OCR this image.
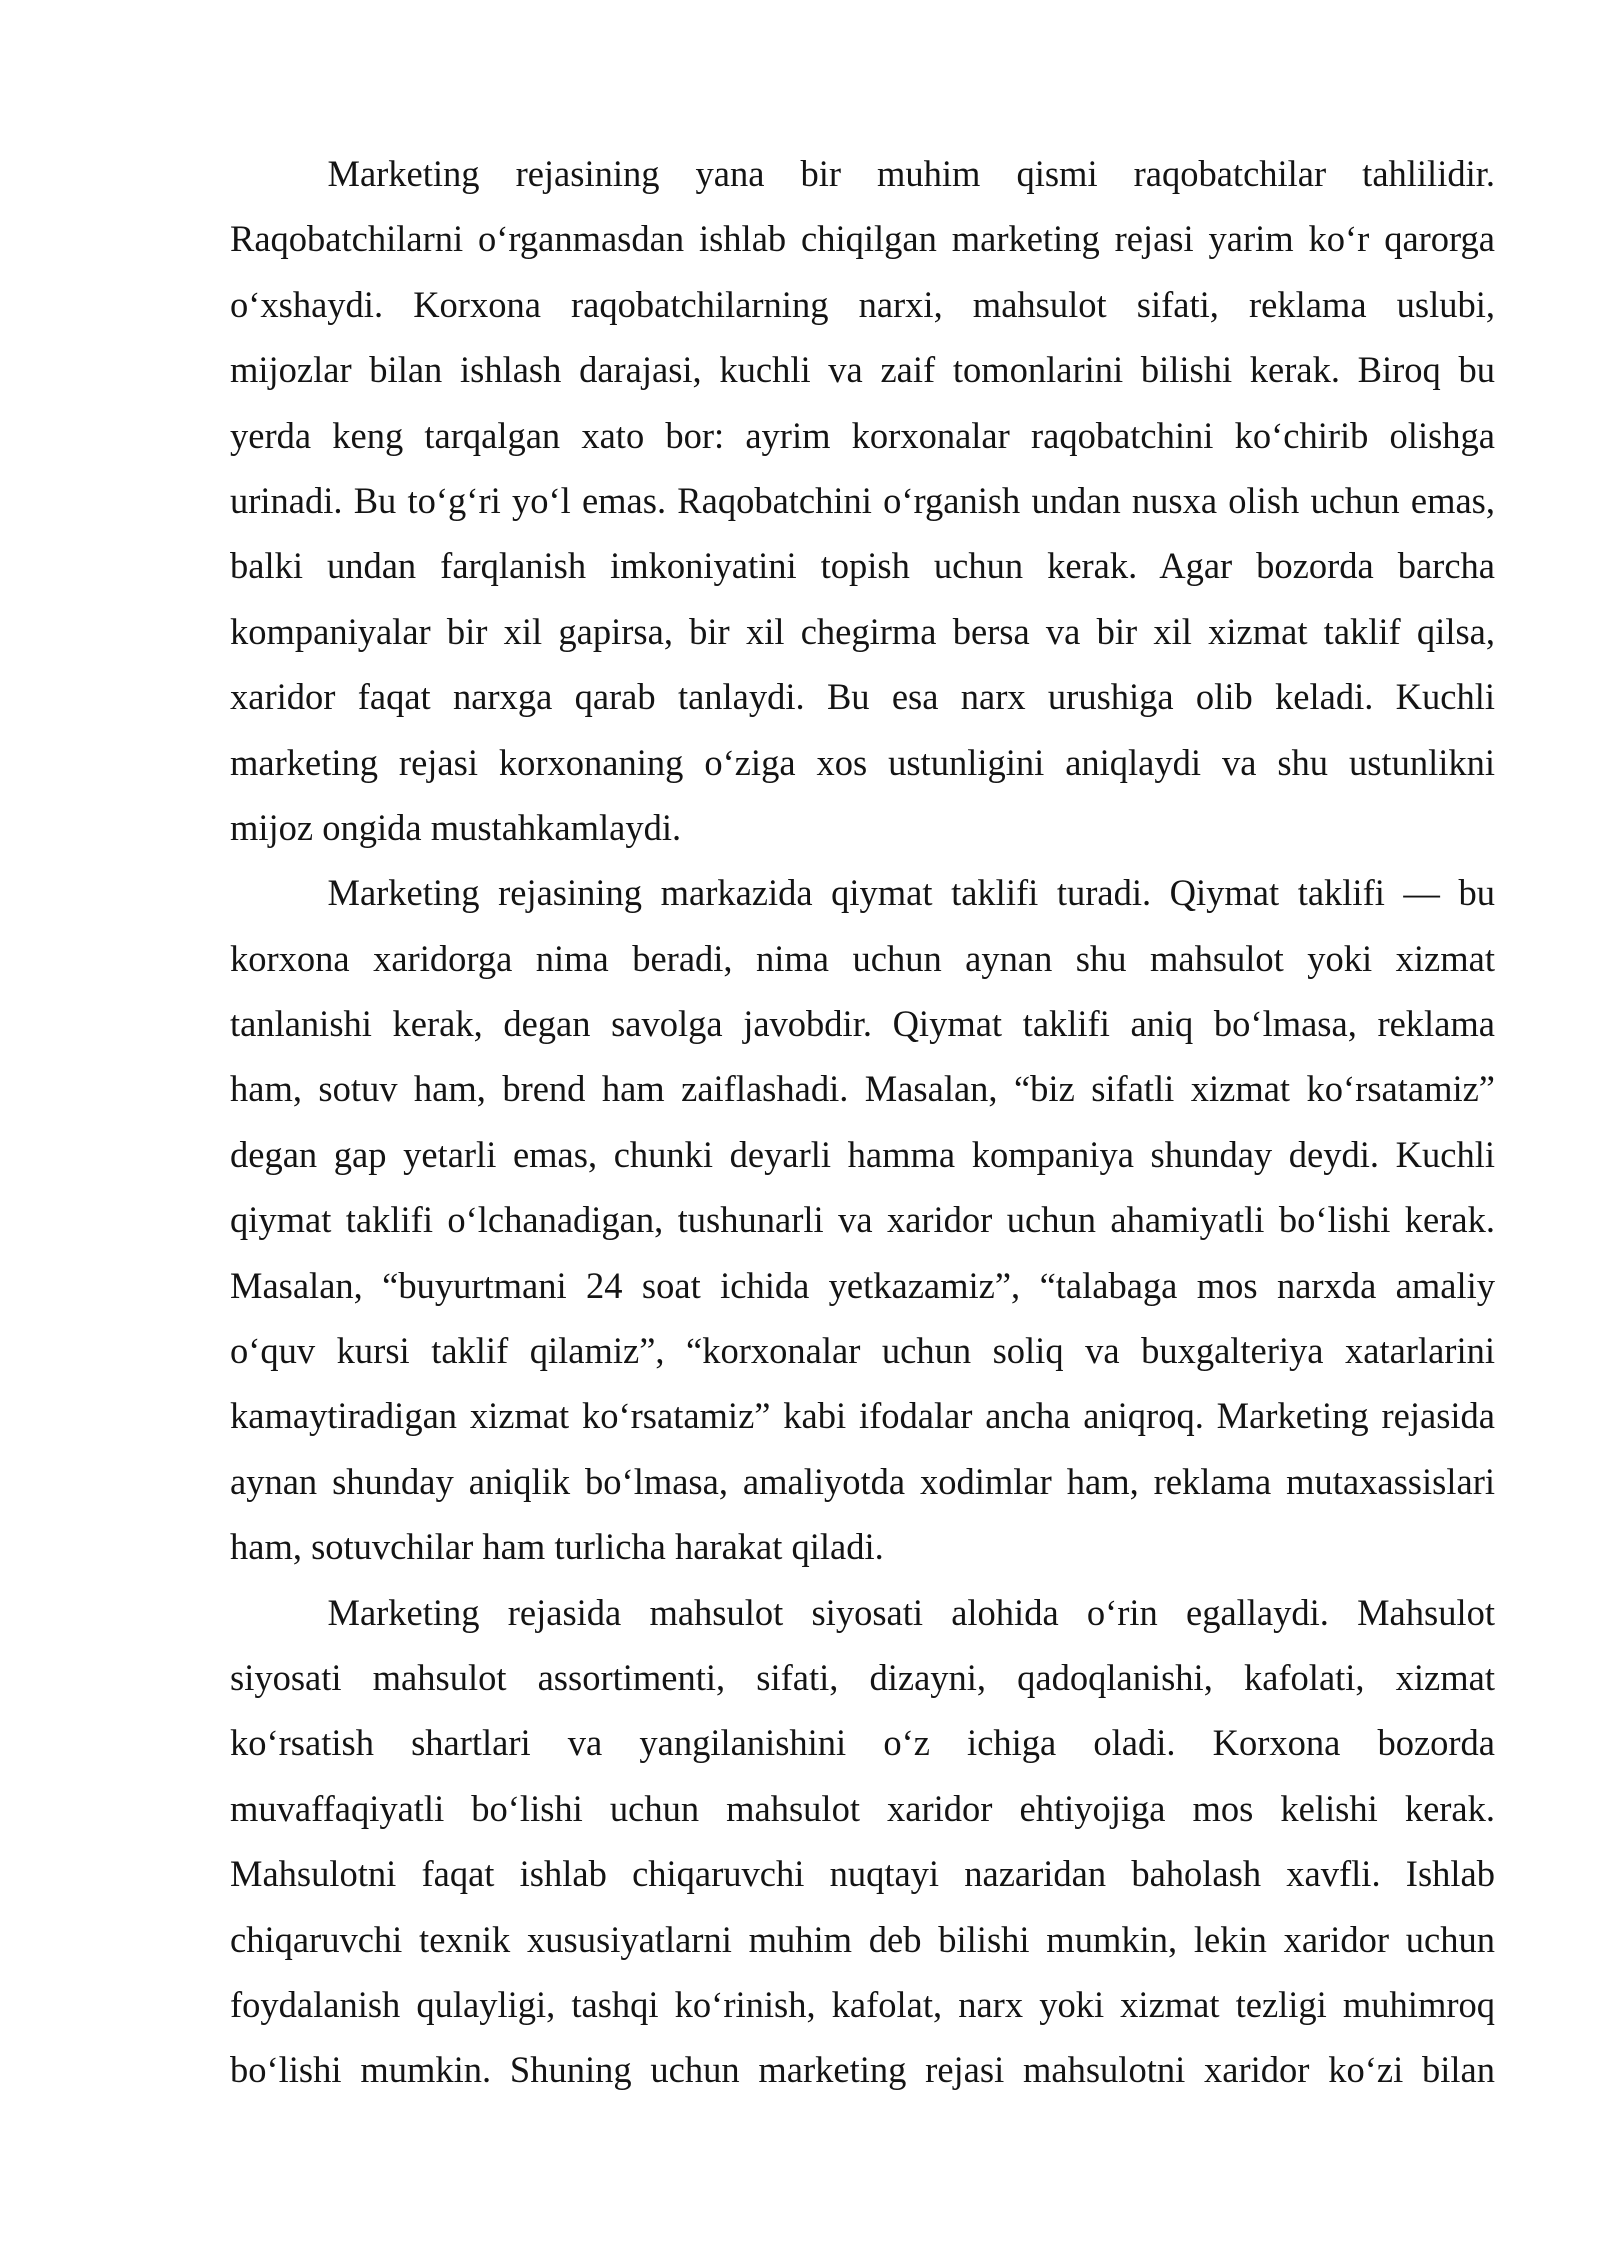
Marketing rejasining yana bir muhim qismi raqobatchilar tahlilidir.
Raqobatchilarni o‘rganmasdan ishlab chiqilgan marketing rejasi yarim ko‘r qarorga
o‘xshaydi. Korxona raqobatchilarning narxi, mahsulot sifati, reklama uslubi,
mijozlar bilan ishlash darajasi, kuchli va zaif tomonlarini bilishi kerak. Biroq bu
yerda keng tarqalgan xato bor: ayrim korxonalar raqobatchini ko‘chirib olishga
urinadi. Bu to‘g‘ri yo‘l emas. Raqobatchini o‘rganish undan nusxa olish uchun emas,
balki undan farqlanish imkoniyatini topish uchun kerak. Agar bozorda barcha
kompaniyalar bir xil gapirsa, bir xil chegirma bersa va bir xil xizmat taklif qilsa,
xaridor faqat narxga qarab tanlaydi. Bu esa narx urushiga olib keladi. Kuchli
marketing rejasi korxonaning o‘ziga xos ustunligini aniqlaydi va shu ustunlikni
mijoz ongida mustahkamlaydi.
Marketing rejasining markazida qiymat taklifi turadi. Qiymat taklifi — bu
korxona xaridorga nima beradi, nima uchun aynan shu mahsulot yoki xizmat
tanlanishi kerak, degan savolga javobdir. Qiymat taklifi aniq bo‘lmasa, reklama
ham, sotuv ham, brend ham zaiflashadi. Masalan, “biz sifatli xizmat ko‘rsatamiz”
degan gap yetarli emas, chunki deyarli hamma kompaniya shunday deydi. Kuchli
qiymat taklifi o‘lchanadigan, tushunarli va xaridor uchun ahamiyatli bo‘lishi kerak.
Masalan, “buyurtmani 24 soat ichida yetkazamiz”, “talabaga mos narxda amaliy
o‘quv kursi taklif qilamiz”, “korxonalar uchun soliq va buxgalteriya xatarlarini
kamaytiradigan xizmat ko‘rsatamiz” kabi ifodalar ancha aniqroq. Marketing rejasida
aynan shunday aniqlik bo‘lmasa, amaliyotda xodimlar ham, reklama mutaxassislari
ham, sotuvchilar ham turlicha harakat qiladi.
Marketing rejasida mahsulot siyosati alohida o‘rin egallaydi. Mahsulot
siyosati mahsulot assortimenti, sifati, dizayni, qadoqlanishi, kafolati, xizmat
ko‘rsatish shartlari va yangilanishini o‘z ichiga oladi. Korxona bozorda
muvaffaqiyatli bo‘lishi uchun mahsulot xaridor ehtiyojiga mos kelishi kerak.
Mahsulotni faqat ishlab chiqaruvchi nuqtayi nazaridan baholash xavfli. Ishlab
chiqaruvchi texnik xususiyatlarni muhim deb bilishi mumkin, lekin xaridor uchun
foydalanish qulayligi, tashqi ko‘rinish, kafolat, narx yoki xizmat tezligi muhimroq
bo‘lishi mumkin. Shuning uchun marketing rejasi mahsulotni xaridor ko‘zi bilan
